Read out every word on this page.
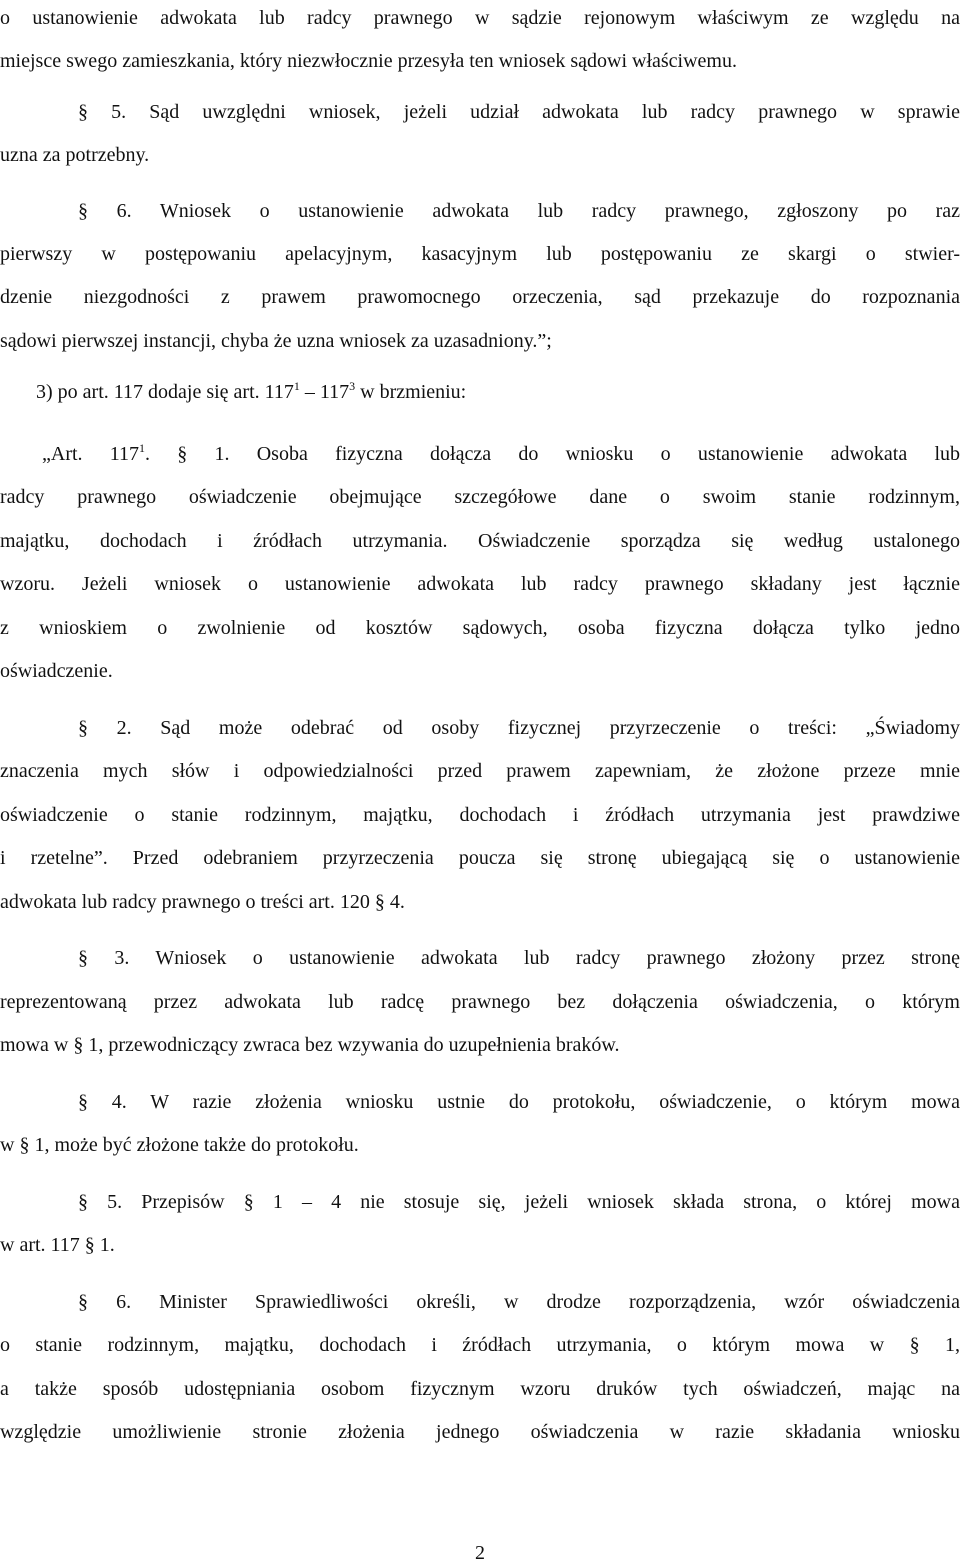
o ustanowienie adwokata lub radcy prawnego w sądzie rejonowym właściwym ze względu na
miejsce swego zamieszkania, który niezwłocznie przesyła ten wniosek sądowi właściwemu.
§ 5. Sąd uwzględni wniosek, jeżeli udział adwokata lub radcy prawnego w sprawie
uzna za potrzebny.
§ 6. Wniosek o ustanowienie adwokata lub radcy prawnego, zgłoszony po raz
pierwszy w postępowaniu apelacyjnym, kasacyjnym lub postępowaniu ze skargi o stwier-
dzenie niezgodności z prawem prawomocnego orzeczenia, sąd przekazuje do rozpoznania
sądowi pierwszej instancji, chyba że uzna wniosek za uzasadniony.”;
3) po art. 117 dodaje się art. $117^1 - 117^3$ w brzmieniu:
„Art. $117^1$. § 1. Osoba fizyczna dołącza do wniosku o ustanowienie adwokata lub
radcy prawnego oświadczenie obejmujące szczegółowe dane o swoim stanie rodzinnym,
majątku, dochodach i źródłach utrzymania. Oświadczenie sporządza się według ustalonego
wzoru. Jeżeli wniosek o ustanowienie adwokata lub radcy prawnego składany jest łącznie
z wnioskiem o zwolnienie od kosztów sądowych, osoba fizyczna dołącza tylko jedno
oświadczenie.
§ 2. Sąd może odebrać od osoby fizycznej przyrzeczenie o treści: „Świadomy
znaczenia mych słów i odpowiedzialności przed prawem zapewniam, że złożone przeze mnie
oświadczenie o stanie rodzinnym, majątku, dochodach i źródłach utrzymania jest prawdziwe
i rzetelne”. Przed odebraniem przyrzeczenia poucza się stronę ubiegającą się o ustanowienie
adwokata lub radcy prawnego o treści art. 120 § 4.
§ 3. Wniosek o ustanowienie adwokata lub radcy prawnego złożony przez stronę
reprezentowaną przez adwokata lub radcę prawnego bez dołączenia oświadczenia, o którym
mowa w § 1, przewodniczący zwraca bez wzywania do uzupełnienia braków.
§ 4. W razie złożenia wniosku ustnie do protokołu, oświadczenie, o którym mowa
w § 1, może być złożone także do protokołu.
§ 5. Przepisów § 1 – 4 nie stosuje się, jeżeli wniosek składa strona, o której mowa
w art. 117 § 1.
§ 6. Minister Sprawiedliwości określi, w drodze rozporządzenia, wzór oświadczenia
o stanie rodzinnym, majątku, dochodach i źródłach utrzymania, o którym mowa w § 1,
a także sposób udostępniania osobom fizycznym wzoru druków tych oświadczeń, mając na
względzie umożliwienie stronie złożenia jednego oświadczenia w razie składania wniosku
2
